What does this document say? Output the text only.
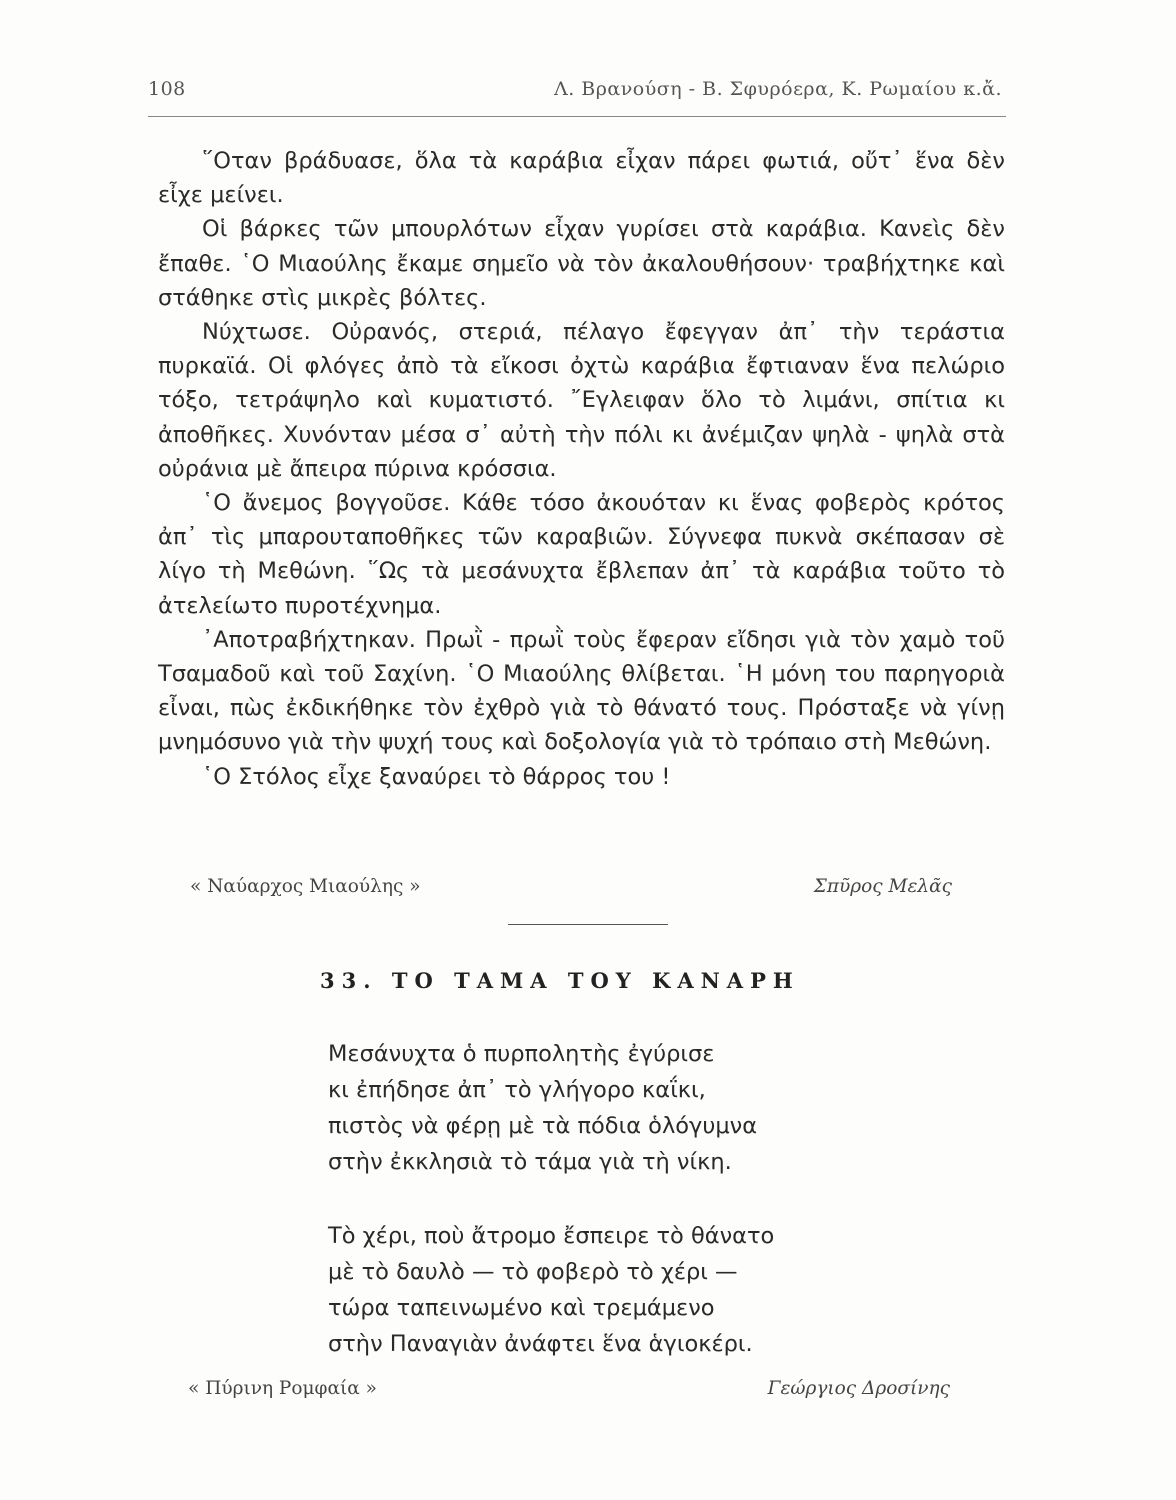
108	Λ. Βρανούση - Β. Σφυρόερα, Κ. Ρωμαίου κ.ἄ.

῞Οταν βράδυασε, ὅλα τὰ καράβια εἶχαν πάρει φωτιά, οὔτ᾽ ἕνα δὲν εἶχε μείνει.

Οἱ βάρκες τῶν μπουρλότων εἶχαν γυρίσει στὰ καράβια. Κανεὶς δὲν ἔπαθε. ῾Ο Μιαούλης ἔκαμε σημεῖο νὰ τὸν ἀκαλουθήσουν· τραβήχτηκε καὶ στάθηκε στὶς μικρὲς βόλτες.

Νύχτωσε. Οὐρανός, στεριά, πέλαγο ἔφεγγαν ἀπ᾽ τὴν τεράστια πυρκαϊά. Οἱ φλόγες ἀπὸ τὰ εἴκοσι ὀχτὼ καράβια ἔφτιαναν ἕνα πελώριο τόξο, τετράψηλο καὶ κυματιστό. ῎Εγλειφαν ὅλο τὸ λιμάνι, σπίτια κι ἀποθῆκες. Χυνόνταν μέσα σ᾽ αὐτὴ τὴν πόλι κι ἀνέμιζαν ψηλὰ - ψηλὰ στὰ οὐράνια μὲ ἄπειρα πύρινα κρόσσια.

῾Ο ἄνεμος βογγοῦσε. Κάθε τόσο ἀκουόταν κι ἕνας φοβερὸς κρότος ἀπ᾽ τὶς μπαρουταποθῆκες τῶν καραβιῶν. Σύγνεφα πυκνὰ σκέπασαν σὲ λίγο τὴ Μεθώνη. ῞Ως τὰ μεσάνυχτα ἔβλεπαν ἀπ᾽ τὰ καράβια τοῦτο τὸ ἀτελείωτο πυροτέχνημα.

᾽Αποτραβήχτηκαν. Πρωῒ - πρωῒ τοὺς ἔφεραν εἴδησι γιὰ τὸν χαμὸ τοῦ Τσαμαδοῦ καὶ τοῦ Σαχίνη. ῾Ο Μιαούλης θλίβεται. ῾Η μόνη του παρηγοριὰ εἶναι, πὼς ἐκδικήθηκε τὸν ἐχθρὸ γιὰ τὸ θάνατό τους. Πρόσταξε νὰ γίνῃ μνημόσυνο γιὰ τὴν ψυχή τους καὶ δοξολογία γιὰ τὸ τρόπαιο στὴ Μεθώνη.

῾Ο Στόλος εἶχε ξαναύρει τὸ θάρρος του !

« Ναύαρχος Μιαούλης »	Σπῦρος Μελᾶς
33. ΤΟ ΤΑΜΑ ΤΟΥ ΚΑΝΑΡΗ
Μεσάνυχτα ὁ πυρπολητὴς ἐγύρισε
κι ἐπήδησε ἀπ᾽ τὸ γλήγορο καΐκι,
πιστὸς νὰ φέρῃ μὲ τὰ πόδια ὁλόγυμνα
στὴν ἐκκλησιὰ τὸ τάμα γιὰ τὴ νίκη.
Τὸ χέρι, ποὺ ἄτρομο ἔσπειρε τὸ θάνατο
μὲ τὸ δαυλὸ — τὸ φοβερὸ τὸ χέρι —
τώρα ταπεινωμένο καὶ τρεμάμενο
στὴν Παναγιὰν ἀνάφτει ἕνα ἁγιοκέρι.
« Πύρινη Ρομφαία »	Γεώργιος Δροσίνης
